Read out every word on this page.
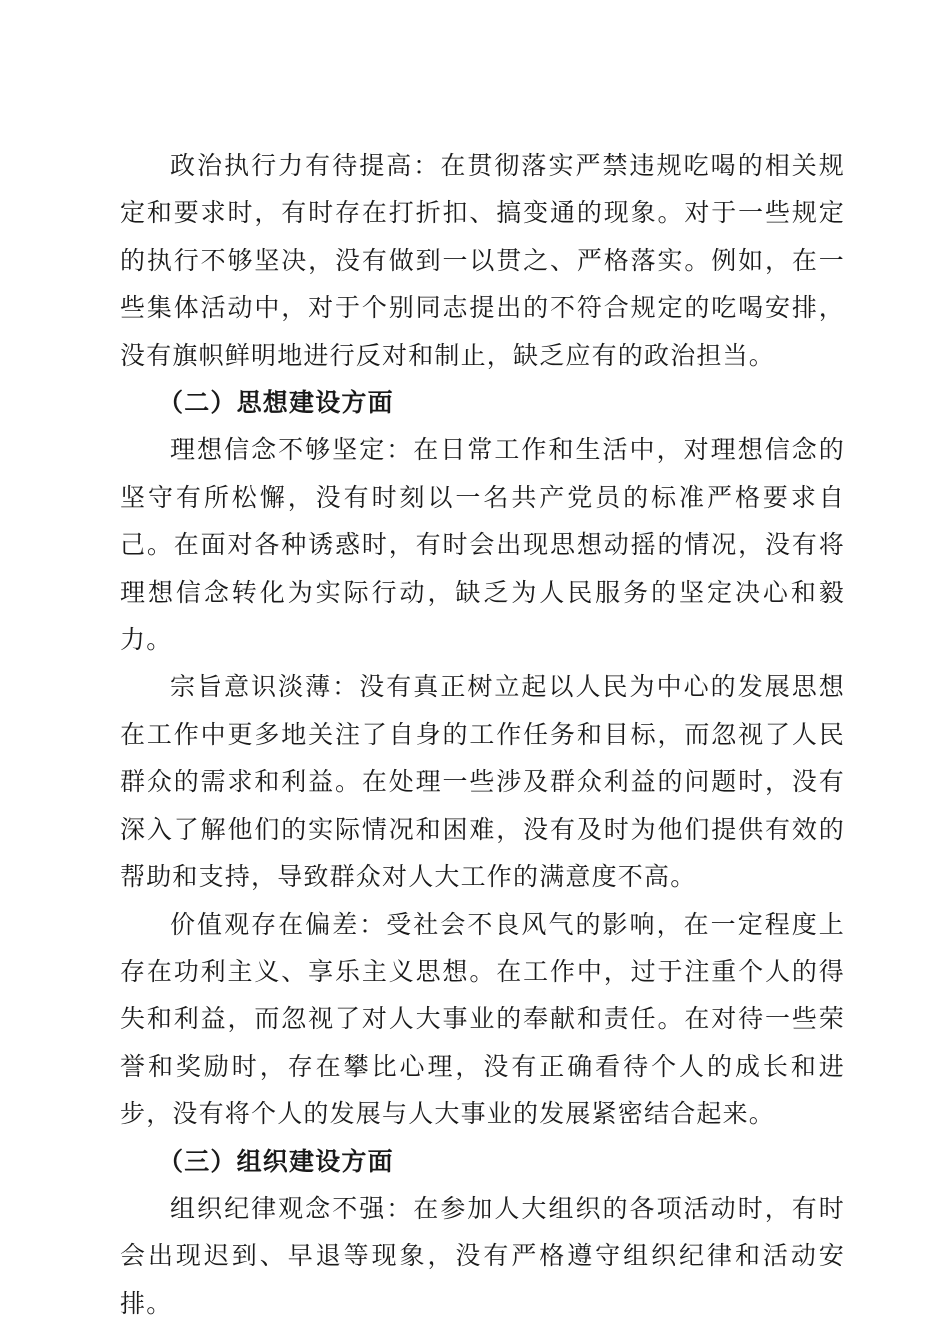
政治执行力有待提高：在贯彻落实严禁违规吃喝的相关规定和要求时，有时存在打折扣、搞变通的现象。对于一些规定的执行不够坚决，没有做到一以贯之、严格落实。例如，在一些集体活动中，对于个别同志提出的不符合规定的吃喝安排，没有旗帜鲜明地进行反对和制止，缺乏应有的政治担当。

（二）思想建设方面

理想信念不够坚定：在日常工作和生活中，对理想信念的坚守有所松懈，没有时刻以一名共产党员的标准严格要求自己。在面对各种诱惑时，有时会出现思想动摇的情况，没有将理想信念转化为实际行动，缺乏为人民服务的坚定决心和毅力。

宗旨意识淡薄：没有真正树立起以人民为中心的发展思想在工作中更多地关注了自身的工作任务和目标，而忽视了人民群众的需求和利益。在处理一些涉及群众利益的问题时，没有深入了解他们的实际情况和困难，没有及时为他们提供有效的帮助和支持，导致群众对人大工作的满意度不高。

价值观存在偏差：受社会不良风气的影响，在一定程度上存在功利主义、享乐主义思想。在工作中，过于注重个人的得失和利益，而忽视了对人大事业的奉献和责任。在对待一些荣誉和奖励时，存在攀比心理，没有正确看待个人的成长和进步，没有将个人的发展与人大事业的发展紧密结合起来。

（三）组织建设方面

组织纪律观念不强：在参加人大组织的各项活动时，有时会出现迟到、早退等现象，没有严格遵守组织纪律和活动安排。
